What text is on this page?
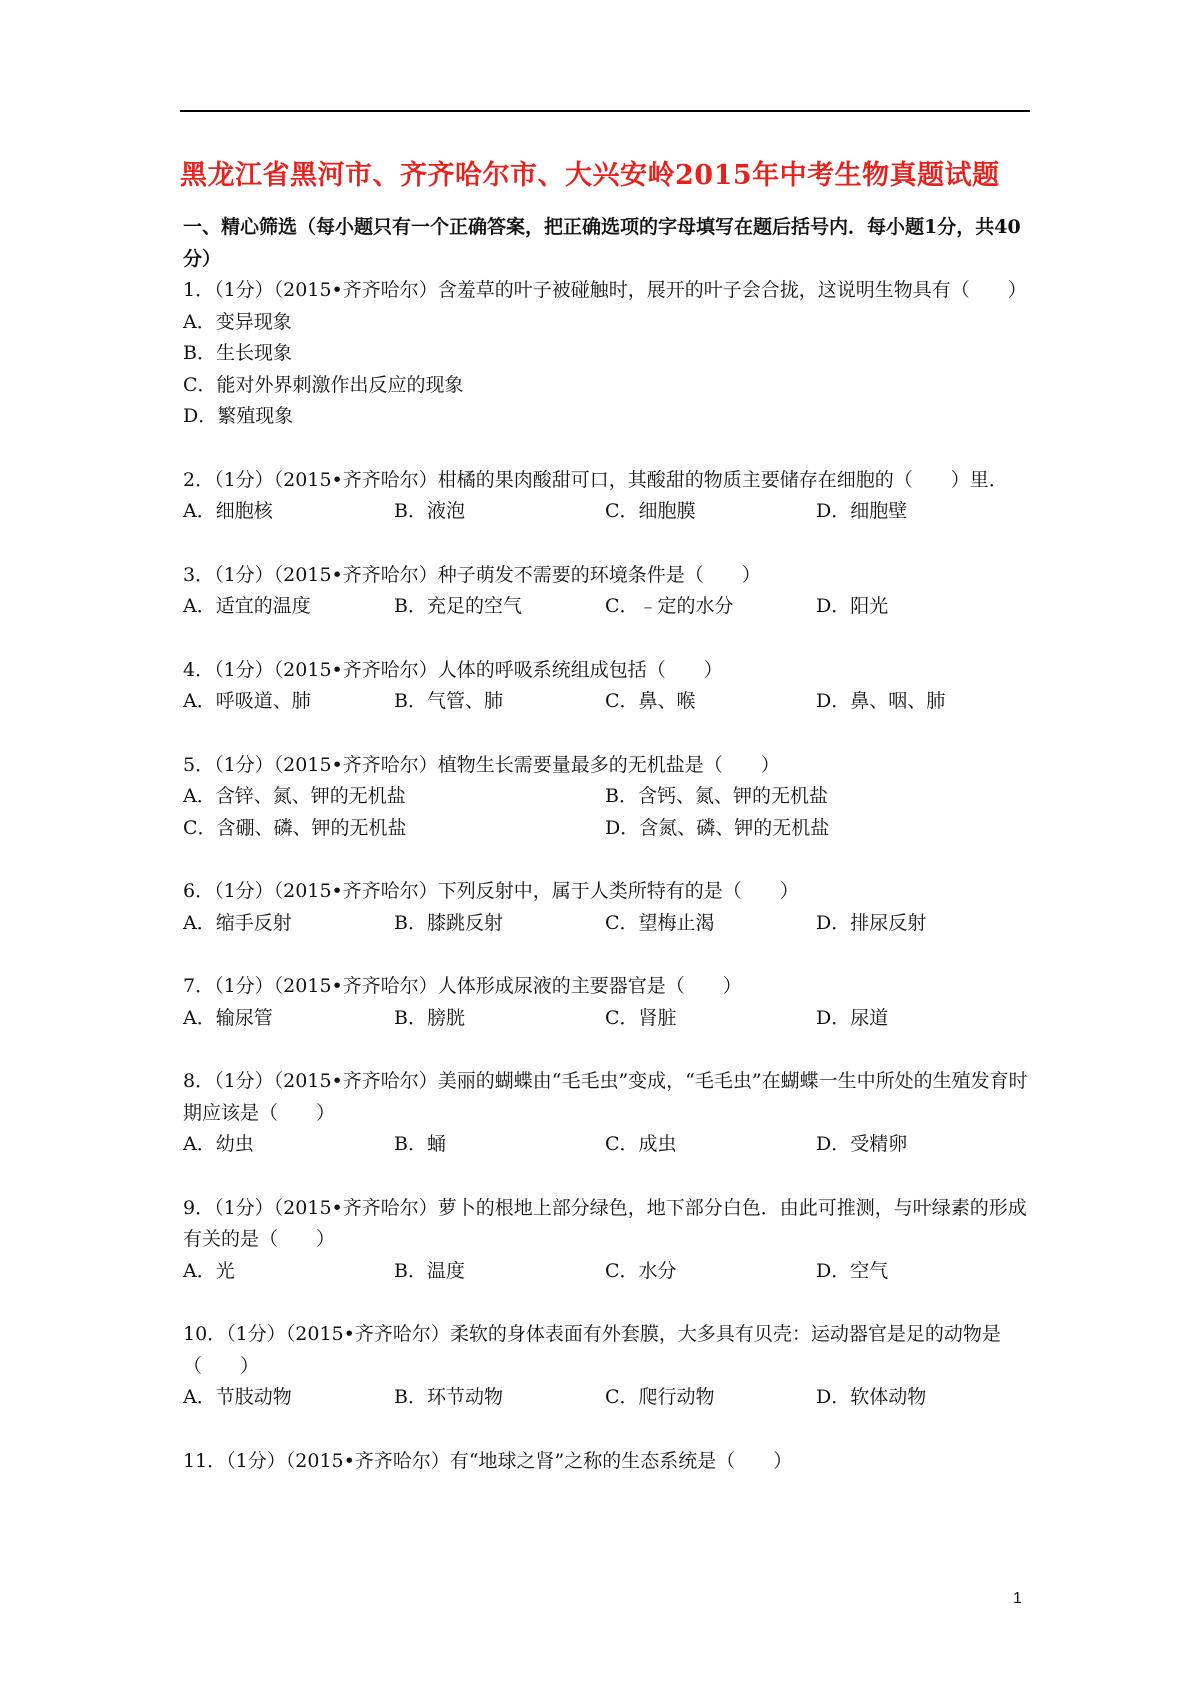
黑龙江省黑河市、齐齐哈尔市、大兴安岭2015年中考生物真题试题
一、精心筛选（每小题只有一个正确答案，把正确选项的字母填写在题后括号内．每小题1分，共40分）
1．（1分）（2015•齐齐哈尔）含羞草的叶子被碰触时，展开的叶子会合拢，这说明生物具有（　　）
A．变异现象
B．生长现象
C．能对外界刺激作出反应的现象
D．繁殖现象
2．（1分）（2015•齐齐哈尔）柑橘的果肉酸甜可口，其酸甜的物质主要储存在细胞的（　　）里．
A．细胞核	B．液泡	C．细胞膜	D．细胞壁
3．（1分）（2015•齐齐哈尔）种子萌发不需要的环境条件是（　　）
A．适宜的温度	B．充足的空气	C．﹣定的水分	D．阳光
4．（1分）（2015•齐齐哈尔）人体的呼吸系统组成包括（　　）
A．呼吸道、肺	B．气管、肺	C．鼻、喉	D．鼻、咽、肺
5．（1分）（2015•齐齐哈尔）植物生长需要量最多的无机盐是（　　）
A．含锌、氮、钾的无机盐	B．含钙、氮、钾的无机盐
C．含硼、磷、钾的无机盐	D．含氮、磷、钾的无机盐
6．（1分）（2015•齐齐哈尔）下列反射中，属于人类所特有的是（　　）
A．缩手反射	B．膝跳反射	C．望梅止渴	D．排尿反射
7．（1分）（2015•齐齐哈尔）人体形成尿液的主要器官是（　　）
A．输尿管	B．膀胱	C．肾脏	D．尿道
8．（1分）（2015•齐齐哈尔）美丽的蝴蝶由“毛毛虫”变成，“毛毛虫”在蝴蝶一生中所处的生殖发育时期应该是（　　）
A．幼虫	B．蛹	C．成虫	D．受精卵
9．（1分）（2015•齐齐哈尔）萝卜的根地上部分绿色，地下部分白色．由此可推测，与叶绿素的形成有关的是（　　）
A．光	B．温度	C．水分	D．空气
10．（1分）（2015•齐齐哈尔）柔软的身体表面有外套膜，大多具有贝壳：运动器官是足的动物是（　　）
A．节肢动物	B．环节动物	C．爬行动物	D．软体动物
11．（1分）（2015•齐齐哈尔）有“地球之肾”之称的生态系统是（　　）
1
